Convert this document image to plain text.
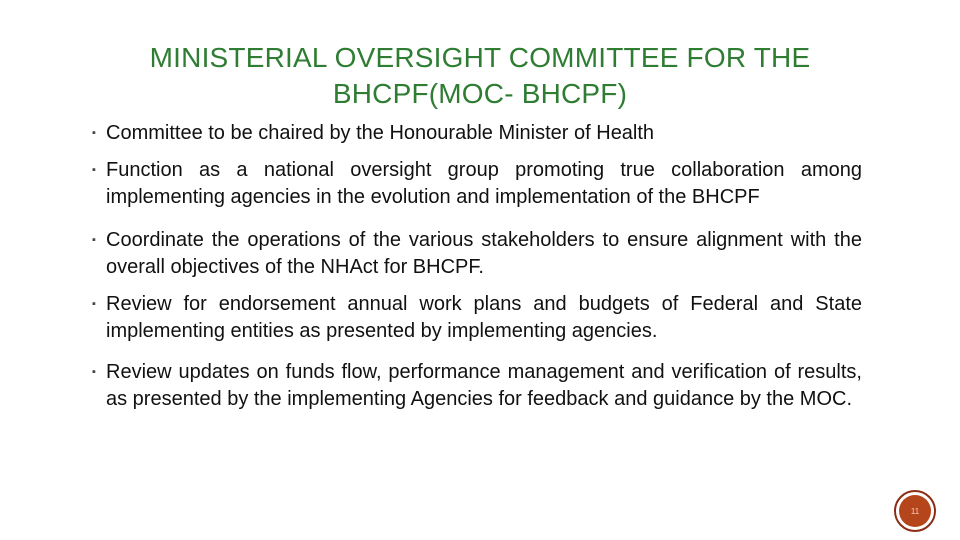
MINISTERIAL OVERSIGHT COMMITTEE FOR THE
BHCPF(MOC- BHCPF)
▪ Committee to be chaired by the Honourable Minister of Health
▪ Function as a national oversight group promoting true collaboration among implementing agencies in the evolution and implementation of the BHCPF
▪ Coordinate the operations of the various stakeholders to ensure alignment with the overall objectives of the NHAct for BHCPF.
▪ Review for endorsement annual work plans and budgets of Federal and State implementing entities as presented by implementing agencies.
▪ Review updates on funds flow, performance management and verification of results, as presented by the implementing Agencies for feedback and guidance by the MOC.
11
